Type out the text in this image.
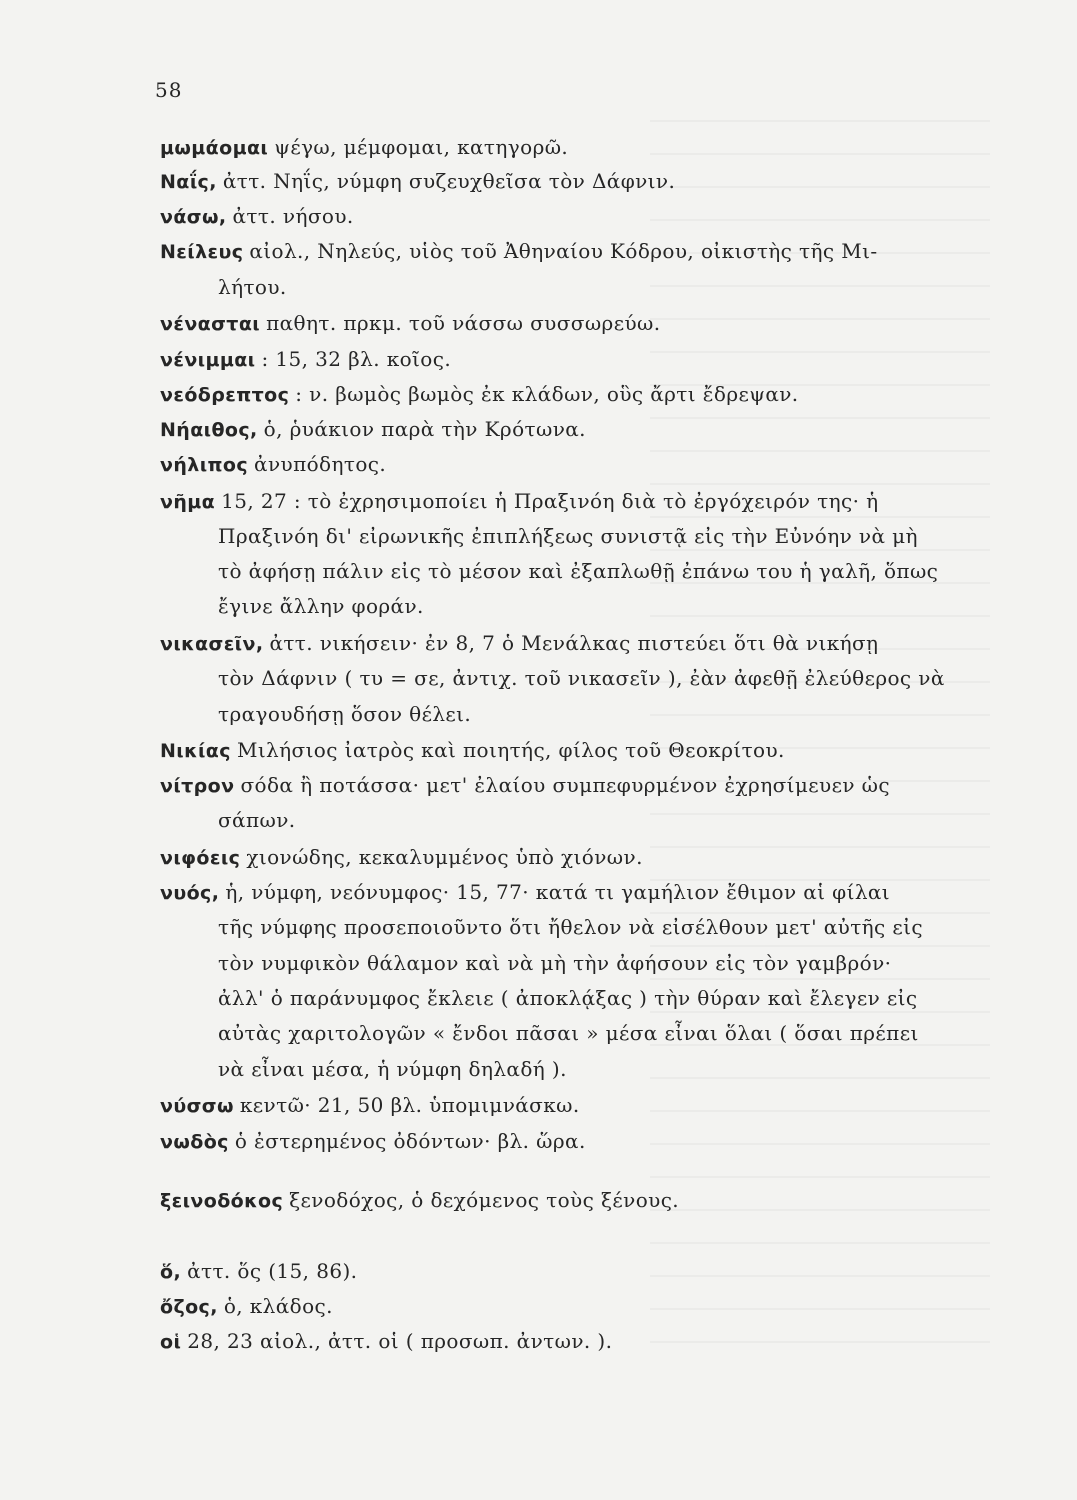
58
μωμάομαι ψέγω, μέμφομαι, κατηγορῶ.
Ναΐς, ἀττ. Νηΐς, νύμφη συζευχθεῖσα τὸν Δάφνιν.
νάσω, ἀττ. νήσου.
Νείλευς αἰολ., Νηλεύς, υἱὸς τοῦ Ἀθηναίου Κόδρου, οἰκιστὴς τῆς Μι-
λήτου.
νένασται παθητ. πρκμ. τοῦ νάσσω συσσωρεύω.
νένιμμαι : 15, 32 βλ. κοῖος.
νεόδρεπτος : ν. βωμὸς βωμὸς ἐκ κλάδων, οὓς ἄρτι ἔδρεψαν.
Νήαιθος, ὁ, ῥυάκιον παρὰ τὴν Κρότωνα.
νήλιπος ἀνυπόδητος.
νῆμα 15, 27 : τὸ ἐχρησιμοποίει ἡ Πραξινόη διὰ τὸ ἐργόχειρόν της· ἡ
Πραξινόη δι' εἰρωνικῆς ἐπιπλήξεως συνιστᾷ εἰς τὴν Εὐνόην νὰ μὴ
τὸ ἀφήσῃ πάλιν εἰς τὸ μέσον καὶ ἐξαπλωθῇ ἐπάνω του ἡ γαλῆ, ὅπως
ἔγινε ἄλλην φοράν.
νικασεῖν, ἀττ. νικήσειν· ἐν 8, 7 ὁ Μενάλκας πιστεύει ὅτι θὰ νικήσῃ
τὸν Δάφνιν ( τυ = σε, ἀντιχ. τοῦ νικασεῖν ), ἐὰν ἀφεθῇ ἐλεύθερος νὰ
τραγουδήσῃ ὅσον θέλει.
Νικίας Μιλήσιος ἰατρὸς καὶ ποιητής, φίλος τοῦ Θεοκρίτου.
νίτρον σόδα ἢ ποτάσσα· μετ' ἐλαίου συμπεφυρμένον ἐχρησίμευεν ὡς
σάπων.
νιφόεις χιονώδης, κεκαλυμμένος ὑπὸ χιόνων.
νυός, ἡ, νύμφη, νεόνυμφος· 15, 77· κατά τι γαμήλιον ἔθιμον αἱ φίλαι
τῆς νύμφης προσεποιοῦντο ὅτι ἤθελον νὰ εἰσέλθουν μετ' αὐτῆς εἰς
τὸν νυμφικὸν θάλαμον καὶ νὰ μὴ τὴν ἀφήσουν εἰς τὸν γαμβρόν·
ἀλλ' ὁ παράνυμφος ἔκλειε ( ἀποκλᾴξας ) τὴν θύραν καὶ ἔλεγεν εἰς
αὐτὰς χαριτολογῶν « ἔνδοι πᾶσαι » μέσα εἶναι ὅλαι ( ὅσαι πρέπει
νὰ εἶναι μέσα, ἡ νύμφη δηλαδή ).
νύσσω κεντῶ· 21, 50 βλ. ὑπομιμνάσκω.
νωδὸς ὁ ἐστερημένος ὀδόντων· βλ. ὥρα.
ξεινοδόκος ξενοδόχος, ὁ δεχόμενος τοὺς ξένους.
ὅ, ἀττ. ὅς (15, 86).
ὄζος, ὁ, κλάδος.
οἱ 28, 23 αἰολ., ἀττ. οἱ ( προσωπ. ἀντων. ).
